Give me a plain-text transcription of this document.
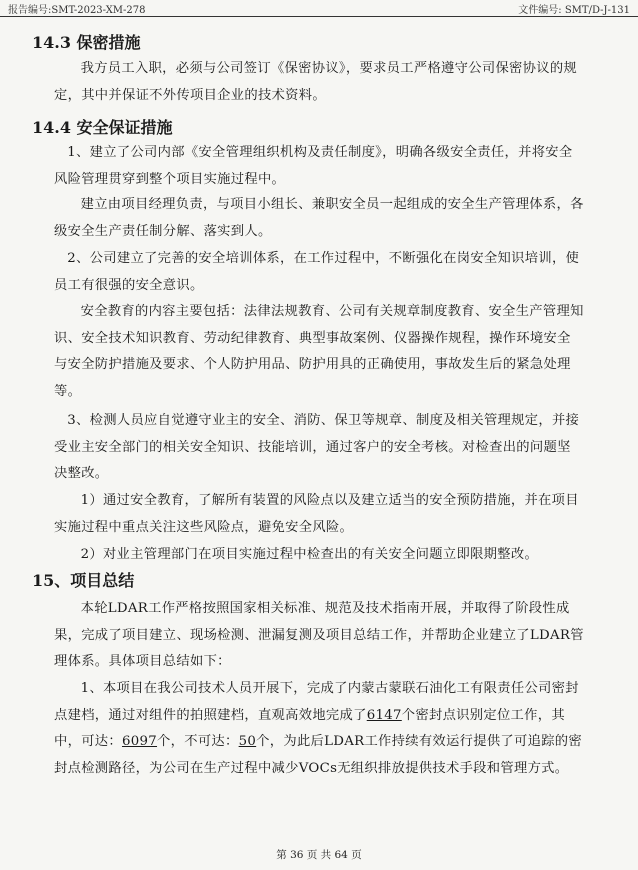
报告编号:SMT-2023-XM-278	文件编号: SMT/D-J-131
14.3 保密措施

我方员工入职，必须与公司签订《保密协议》，要求员工严格遵守公司保密协议的规定，其中并保证不外传项目企业的技术资料。

14.4 安全保证措施

1、建立了公司内部《安全管理组织机构及责任制度》，明确各级安全责任，并将安全风险管理贯穿到整个项目实施过程中。

建立由项目经理负责，与项目小组长、兼职安全员一起组成的安全生产管理体系，各级安全生产责任制分解、落实到人。

2、公司建立了完善的安全培训体系，在工作过程中，不断强化在岗安全知识培训，使员工有很强的安全意识。

安全教育的内容主要包括：法律法规教育、公司有关规章制度教育、安全生产管理知识、安全技术知识教育、劳动纪律教育、典型事故案例、仪器操作规程，操作环境安全与安全防护措施及要求、个人防护用品、防护用具的正确使用，事故发生后的紧急处理等。

3、检测人员应自觉遵守业主的安全、消防、保卫等规章、制度及相关管理规定，并接受业主安全部门的相关安全知识、技能培训，通过客户的安全考核。对检查出的问题坚决整改。

1）通过安全教育，了解所有装置的风险点以及建立适当的安全预防措施，并在项目实施过程中重点关注这些风险点，避免安全风险。

2）对业主管理部门在项目实施过程中检查出的有关安全问题立即限期整改。

15、项目总结

本轮LDAR工作严格按照国家相关标准、规范及技术指南开展，并取得了阶段性成果，完成了项目建立、现场检测、泄漏复测及项目总结工作，并帮助企业建立了LDAR管理体系。具体项目总结如下：

1、本项目在我公司技术人员开展下，完成了内蒙古蒙联石油化工有限责任公司密封点建档，通过对组件的拍照建档，直观高效地完成了6147个密封点识别定位工作，其中，可达：6097个，不可达：50个，为此后LDAR工作持续有效运行提供了可追踪的密封点检测路径，为公司在生产过程中减少VOCs无组织排放提供技术手段和管理方式。

第 36 页 共 64 页
